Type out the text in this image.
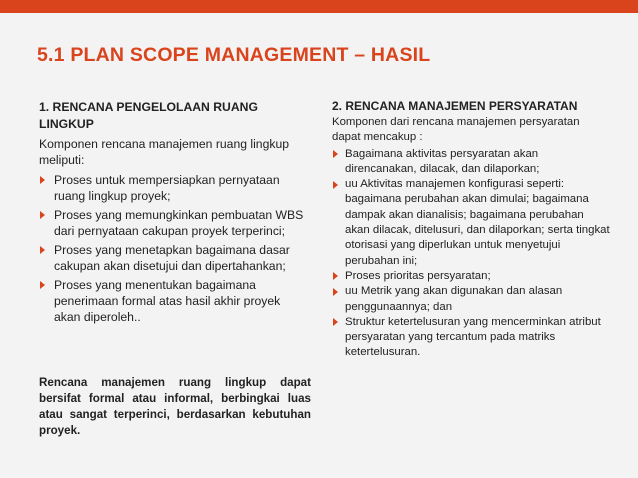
5.1 PLAN SCOPE MANAGEMENT – HASIL
1. RENCANA PENGELOLAAN RUANG LINGKUP

Komponen rencana manajemen ruang lingkup meliputi:

Proses untuk mempersiapkan pernyataan ruang lingkup proyek;
Proses yang memungkinkan pembuatan WBS dari pernyataan cakupan proyek terperinci;
Proses yang menetapkan bagaimana dasar cakupan akan disetujui dan dipertahankan;
Proses yang menentukan bagaimana penerimaan formal atas hasil akhir proyek akan diperoleh..
2. RENCANA MANAJEMEN PERSYARATAN

Komponen dari rencana manajemen persyaratan dapat mencakup :

Bagaimana aktivitas persyaratan akan direncanakan, dilacak, dan dilaporkan;
uu Aktivitas manajemen konfigurasi seperti: bagaimana perubahan akan dimulai; bagaimana dampak akan dianalisis; bagaimana perubahan akan dilacak, ditelusuri, dan dilaporkan; serta tingkat otorisasi yang diperlukan untuk menyetujui perubahan ini;
Proses prioritas persyaratan;
uu Metrik yang akan digunakan dan alasan penggunaannya; dan
Struktur ketertelusuran yang mencerminkan atribut persyaratan yang tercantum pada matriks ketertelusuran.

Rencana manajemen ruang lingkup dapat bersifat formal atau informal, berbingkai luas atau sangat terperinci, berdasarkan kebutuhan proyek.
